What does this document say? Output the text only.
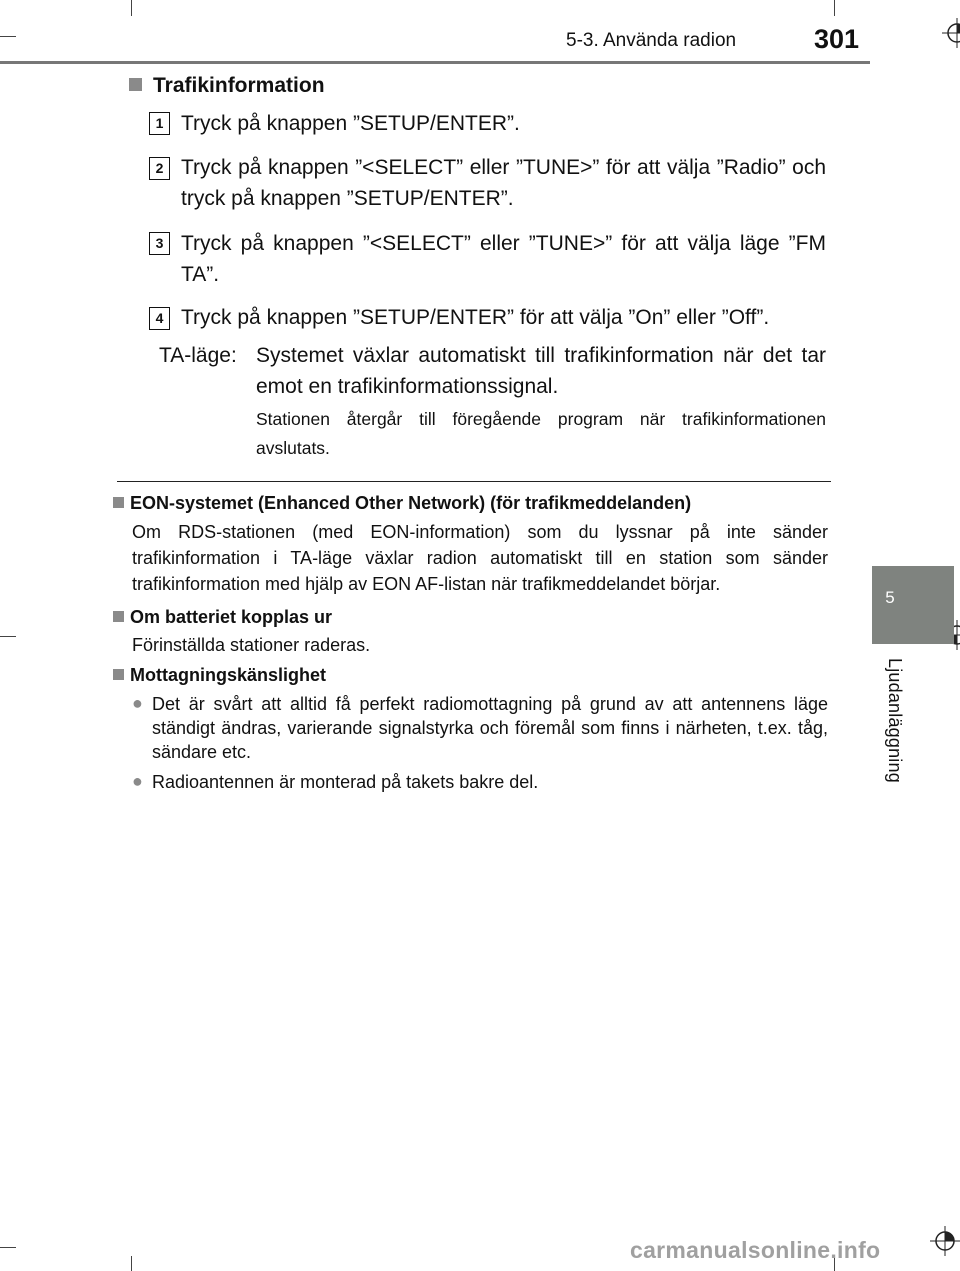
5-3. Använda radion	301
5
Ljudanläggning
Trafikinformation
1 Tryck på knappen ”SETUP/ENTER”.
2 Tryck på knappen ”<SELECT” eller ”TUNE>” för att välja ”Radio” och tryck på knappen ”SETUP/ENTER”.
3 Tryck på knappen ”<SELECT” eller ”TUNE>” för att välja läge ”FM TA”.
4 Tryck på knappen ”SETUP/ENTER” för att välja ”On” eller ”Off”.
TA-läge: Systemet växlar automatiskt till trafikinformation när det tar emot en trafikinformationssignal.
Stationen återgår till föregående program när trafikinformationen avslutats.
EON-systemet (Enhanced Other Network) (för trafikmeddelanden)
Om RDS-stationen (med EON-information) som du lyssnar på inte sänder trafikinformation i TA-läge växlar radion automatiskt till en station som sänder trafikinformation med hjälp av EON AF-listan när trafikmeddelandet börjar.
Om batteriet kopplas ur
Förinställda stationer raderas.
Mottagningskänslighet
● Det är svårt att alltid få perfekt radiomottagning på grund av att antennens läge ständigt ändras, varierande signalstyrka och föremål som finns i närheten, t.ex. tåg, sändare etc.
● Radioantennen är monterad på takets bakre del.
carmanualsonline.info
